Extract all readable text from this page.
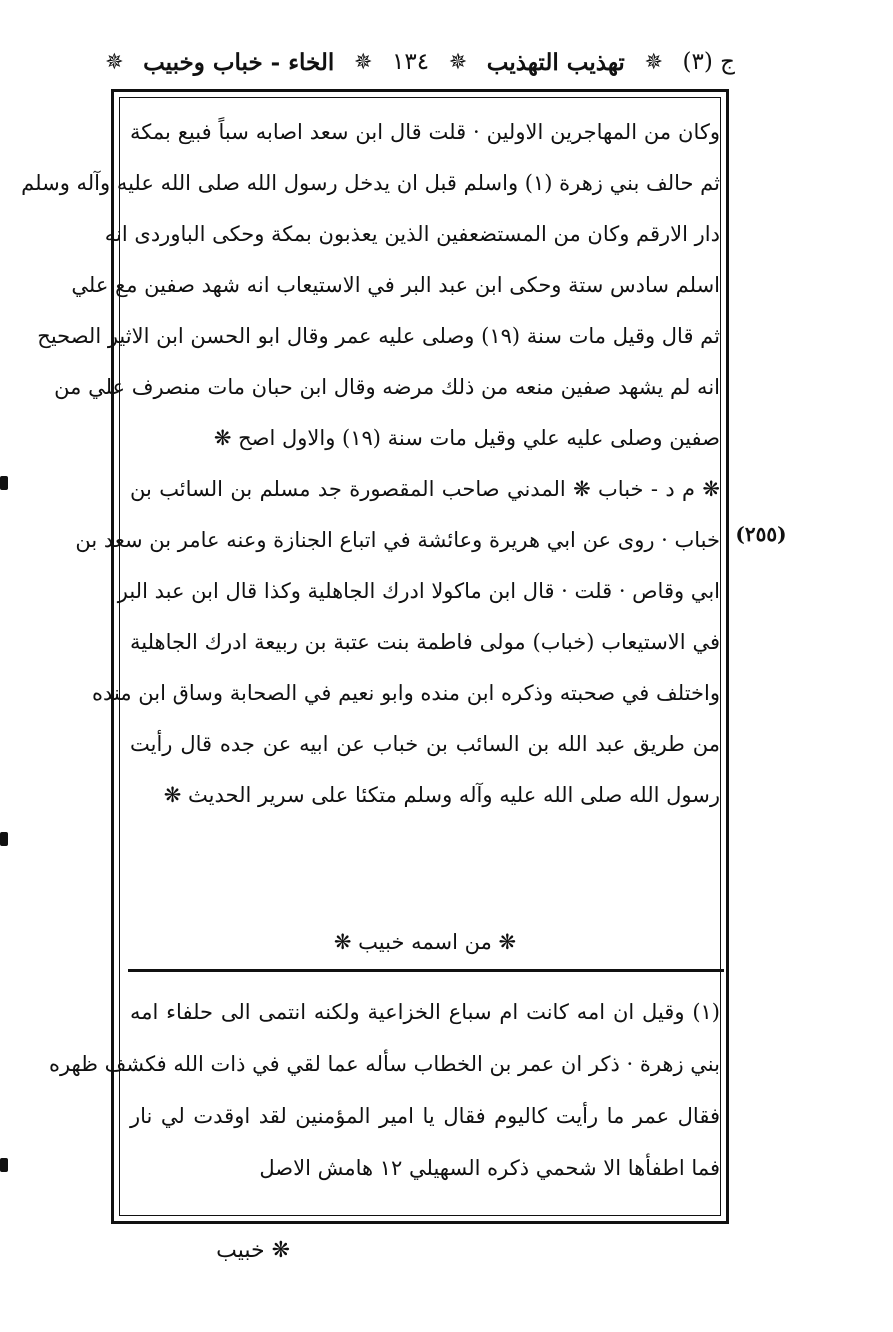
ج (٣)
✵
تهذيب التهذيب
✵
١٣٤
✵
الخاء - خباب وخبيب
✵
وكان من المهاجرين الاولين · قلت قال ابن سعد اصابه سباً فبيع بمكة
ثم حالف بني زهرة (١) واسلم قبل ان يدخل رسول الله صلى الله عليه وآله وسلم
دار الارقم وكان من المستضعفين الذين يعذبون بمكة وحكى الباوردى انه
اسلم سادس ستة وحكى ابن عبد البر في الاستيعاب انه شهد صفين مع علي
ثم قال وقيل مات سنة (١٩) وصلى عليه عمر وقال ابو الحسن ابن الاثير الصحيح
انه لم يشهد صفين منعه من ذلك مرضه وقال ابن حبان مات منصرف علي من
صفين وصلى عليه علي وقيل مات سنة (١٩) والاول اصح ❋
❋ م د - خباب ❋ المدني صاحب المقصورة جد مسلم بن السائب بن
خباب · روى عن ابي هريرة وعائشة في اتباع الجنازة وعنه عامر بن سعد بن
ابي وقاص · قلت · قال ابن ماكولا ادرك الجاهلية وكذا قال ابن عبد البر
في الاستيعاب (خباب) مولى فاطمة بنت عتبة بن ربيعة ادرك الجاهلية
واختلف في صحبته وذكره ابن منده وابو نعيم في الصحابة وساق ابن منده
من طريق عبد الله بن السائب بن خباب عن ابيه عن جده قال رأيت
رسول الله صلى الله عليه وآله وسلم متكئا على سرير الحديث ❋
(٢٥٥)
❋ من اسمه خبيب ❋
(١) وقيل ان امه كانت ام سباع الخزاعية ولكنه انتمى الى حلفاء امه
بني زهرة · ذكر ان عمر بن الخطاب سأله عما لقي في ذات الله فكشف ظهره
فقال عمر ما رأيت كاليوم فقال يا امير المؤمنين لقد اوقدت لي نار
فما اطفأها الا شحمي ذكره السهيلي ١٢ هامش الاصل
❋ خبيب
